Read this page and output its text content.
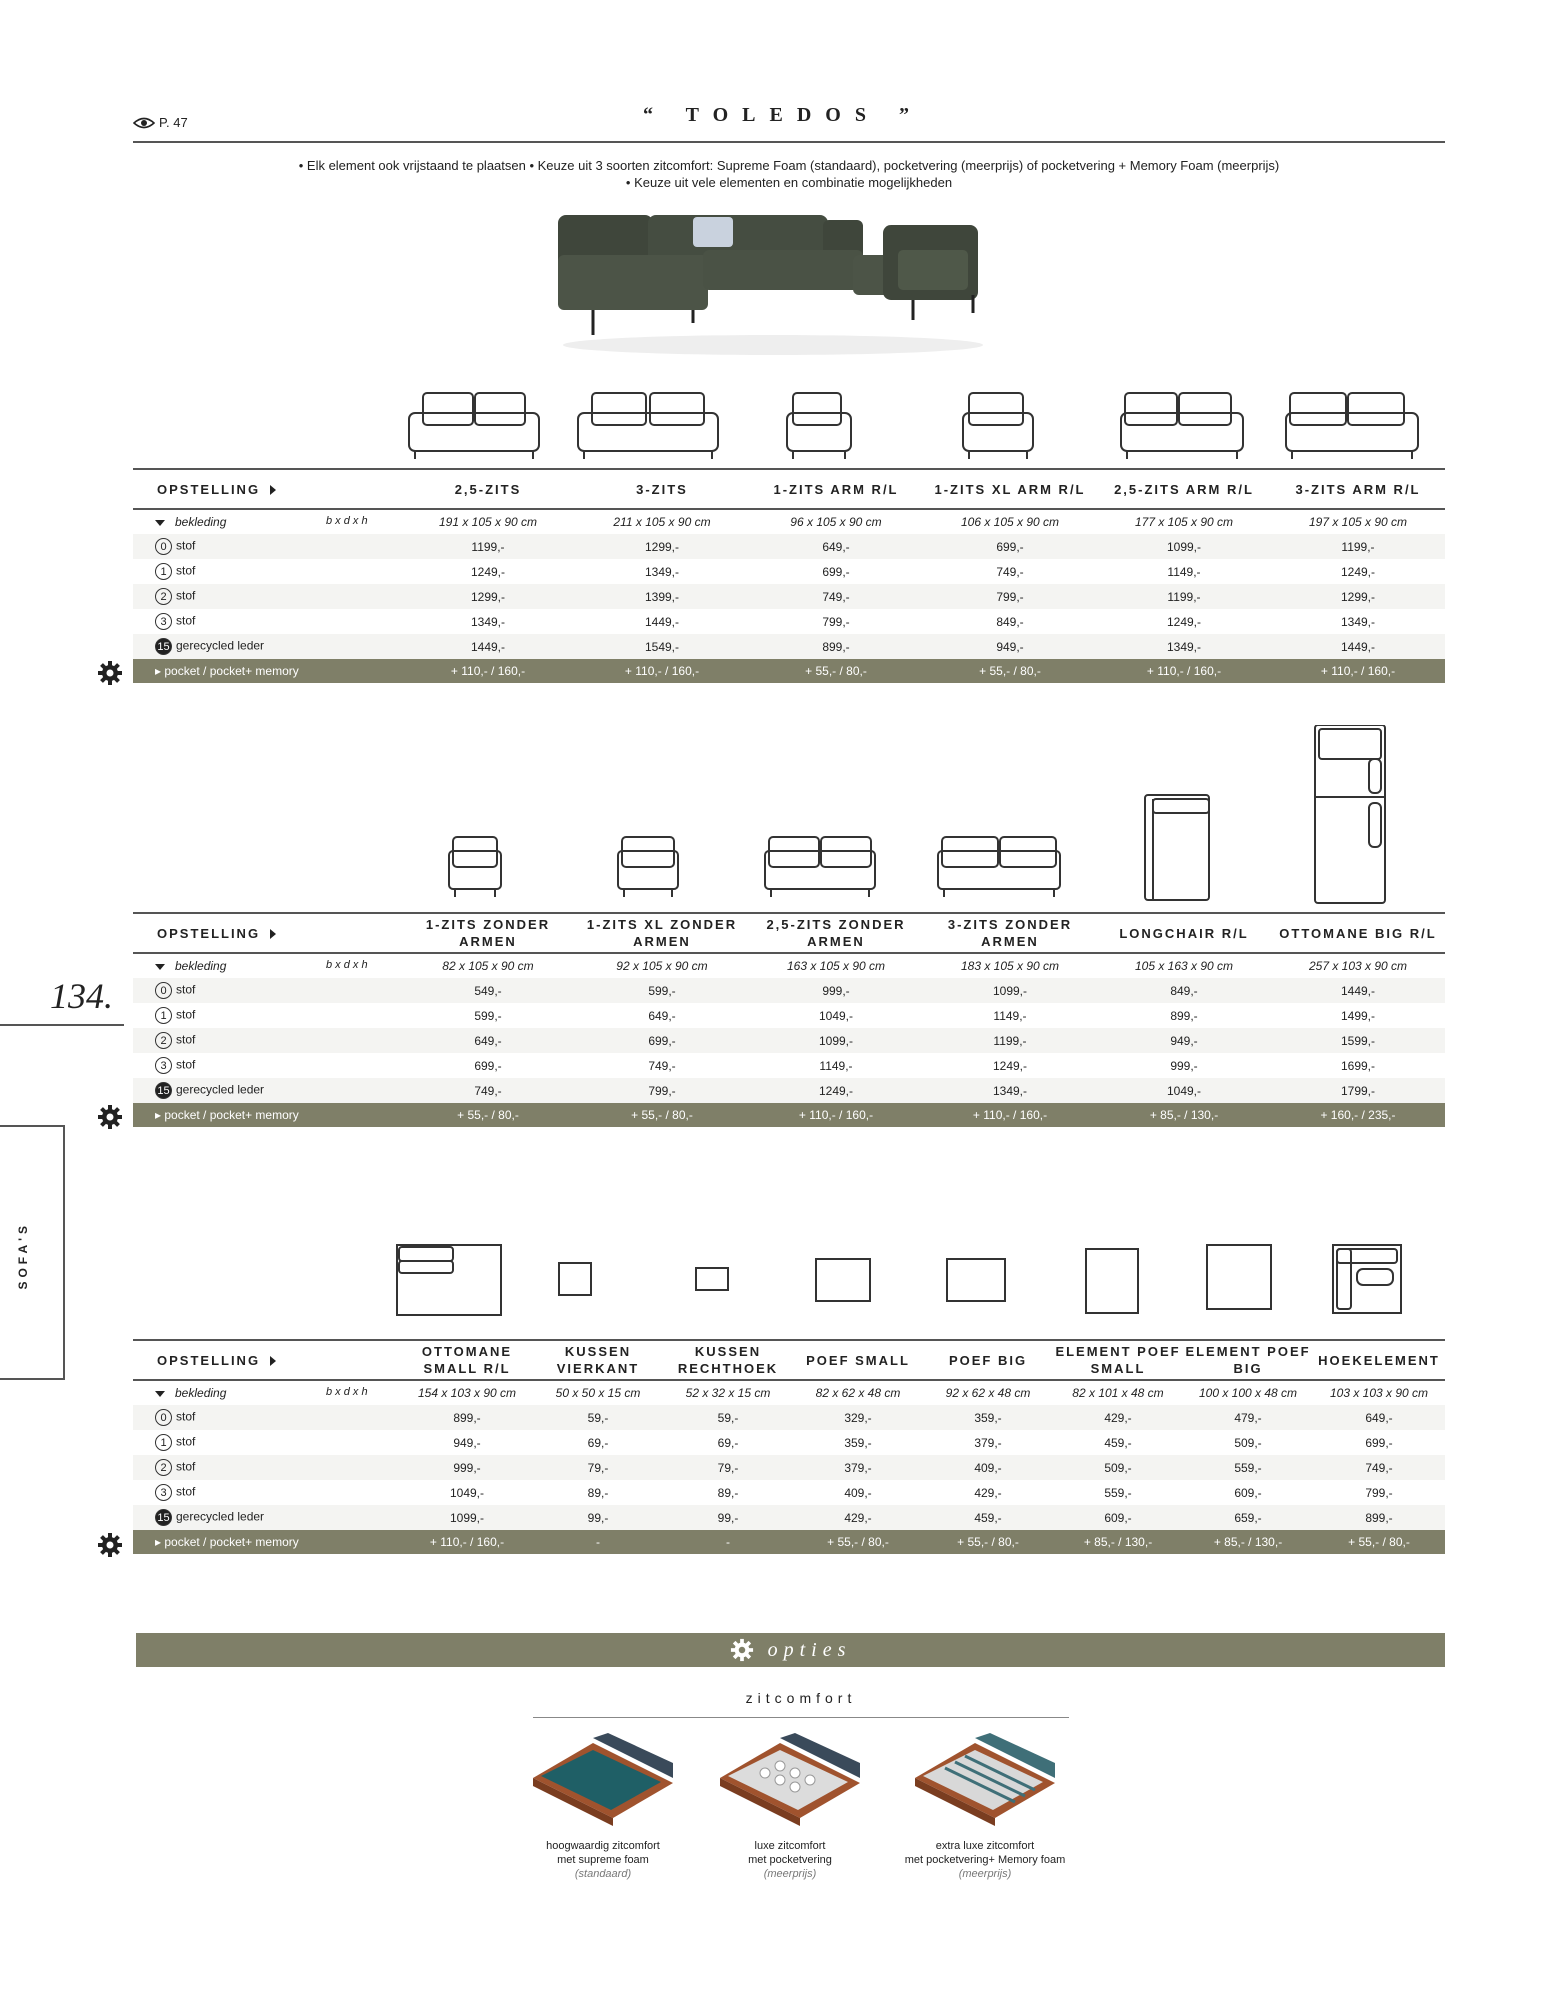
P. 47	“ TOLEDOS ”
• Elk element ook vrijstaand te plaatsen • Keuze uit 3 soorten zitcomfort: Supreme Foam (standaard), pocketvering (meerprijs) of pocketvering + Memory Foam (meerprijs)
• Keuze uit vele elementen en combinatie mogelijkheden
134.
SOFA'S
OPSTELLING	2,5-ZITS	3-ZITS	1-ZITS ARM R/L	1-ZITS XL ARM R/L	2,5-ZITS ARM R/L	3-ZITS ARM R/L
bekleding b x d x h	191 x 105 x 90 cm	211 x 105 x 90 cm	96 x 105 x 90 cm	106 x 105 x 90 cm	177 x 105 x 90 cm	197 x 105 x 90 cm
0 stof	1199,-	1299,-	649,-	699,-	1099,-	1199,-
1 stof	1249,-	1349,-	699,-	749,-	1149,-	1249,-
2 stof	1299,-	1399,-	749,-	799,-	1199,-	1299,-
3 stof	1349,-	1449,-	799,-	849,-	1249,-	1349,-
15 gerecycled leder	1449,-	1549,-	899,-	949,-	1349,-	1449,-
▸ pocket / pocket+ memory	+ 110,- / 160,-	+ 110,- / 160,-	+ 55,- / 80,-	+ 55,- / 80,-	+ 110,- / 160,-	+ 110,- / 160,-
OPSTELLING	1-ZITS ZONDER ARMEN	1-ZITS XL ZONDER ARMEN	2,5-ZITS ZONDER ARMEN	3-ZITS ZONDER ARMEN	LONGCHAIR R/L	OTTOMANE BIG R/L
bekleding b x d x h	82 x 105 x 90 cm	92 x 105 x 90 cm	163 x 105 x 90 cm	183 x 105 x 90 cm	105 x 163 x 90 cm	257 x 103 x 90 cm
0 stof	549,-	599,-	999,-	1099,-	849,-	1449,-
1 stof	599,-	649,-	1049,-	1149,-	899,-	1499,-
2 stof	649,-	699,-	1099,-	1199,-	949,-	1599,-
3 stof	699,-	749,-	1149,-	1249,-	999,-	1699,-
15 gerecycled leder	749,-	799,-	1249,-	1349,-	1049,-	1799,-
▸ pocket / pocket+ memory	+ 55,- / 80,-	+ 55,- / 80,-	+ 110,- / 160,-	+ 110,- / 160,-	+ 85,- / 130,-	+ 160,- / 235,-
OPSTELLING	OTTOMANE SMALL R/L	KUSSEN VIERKANT	KUSSEN RECHTHOEK	POEF SMALL	POEF BIG	ELEMENT POEF SMALL	ELEMENT POEF BIG	HOEKELEMENT
bekleding b x d x h	154 x 103 x 90 cm	50 x 50 x 15 cm	52 x 32 x 15 cm	82 x 62 x 48 cm	92 x 62 x 48 cm	82 x 101 x 48 cm	100 x 100 x 48 cm	103 x 103 x 90 cm
0 stof	899,-	59,-	59,-	329,-	359,-	429,-	479,-	649,-
1 stof	949,-	69,-	69,-	359,-	379,-	459,-	509,-	699,-
2 stof	999,-	79,-	79,-	379,-	409,-	509,-	559,-	749,-
3 stof	1049,-	89,-	89,-	409,-	429,-	559,-	609,-	799,-
15 gerecycled leder	1099,-	99,-	99,-	429,-	459,-	609,-	659,-	899,-
▸ pocket / pocket+ memory	+ 110,- / 160,-	-	-	+ 55,- / 80,-	+ 55,- / 80,-	+ 85,- / 130,-	+ 85,- / 130,-	+ 55,- / 80,-
opties
zitcomfort
hoogwaardig zitcomfort
met supreme foam
(standaard)
luxe zitcomfort
met pocketvering
(meerprijs)
extra luxe zitcomfort
met pocketvering+ Memory foam
(meerprijs)
